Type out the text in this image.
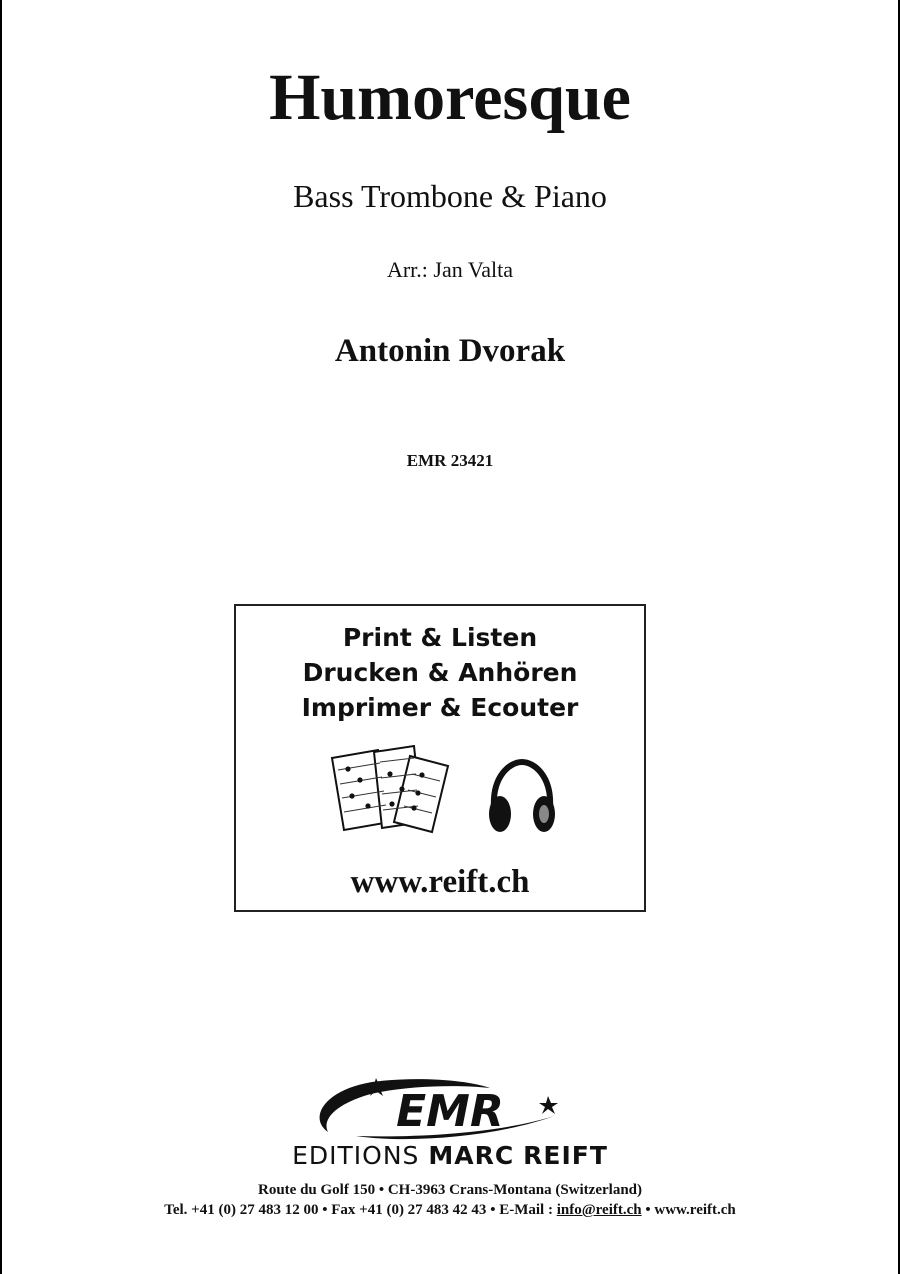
Humoresque
Bass Trombone & Piano
Arr.: Jan Valta
Antonin Dvorak
EMR 23421
Print & Listen
Drucken & Anhören
Imprimer & Ecouter
www.reift.ch
EMR
EDITIONS MARC REIFT
Route du Golf 150 • CH-3963 Crans-Montana (Switzerland)
Tel. +41 (0) 27 483 12 00 • Fax +41 (0) 27 483 42 43 • E-Mail : info@reift.ch • www.reift.ch
